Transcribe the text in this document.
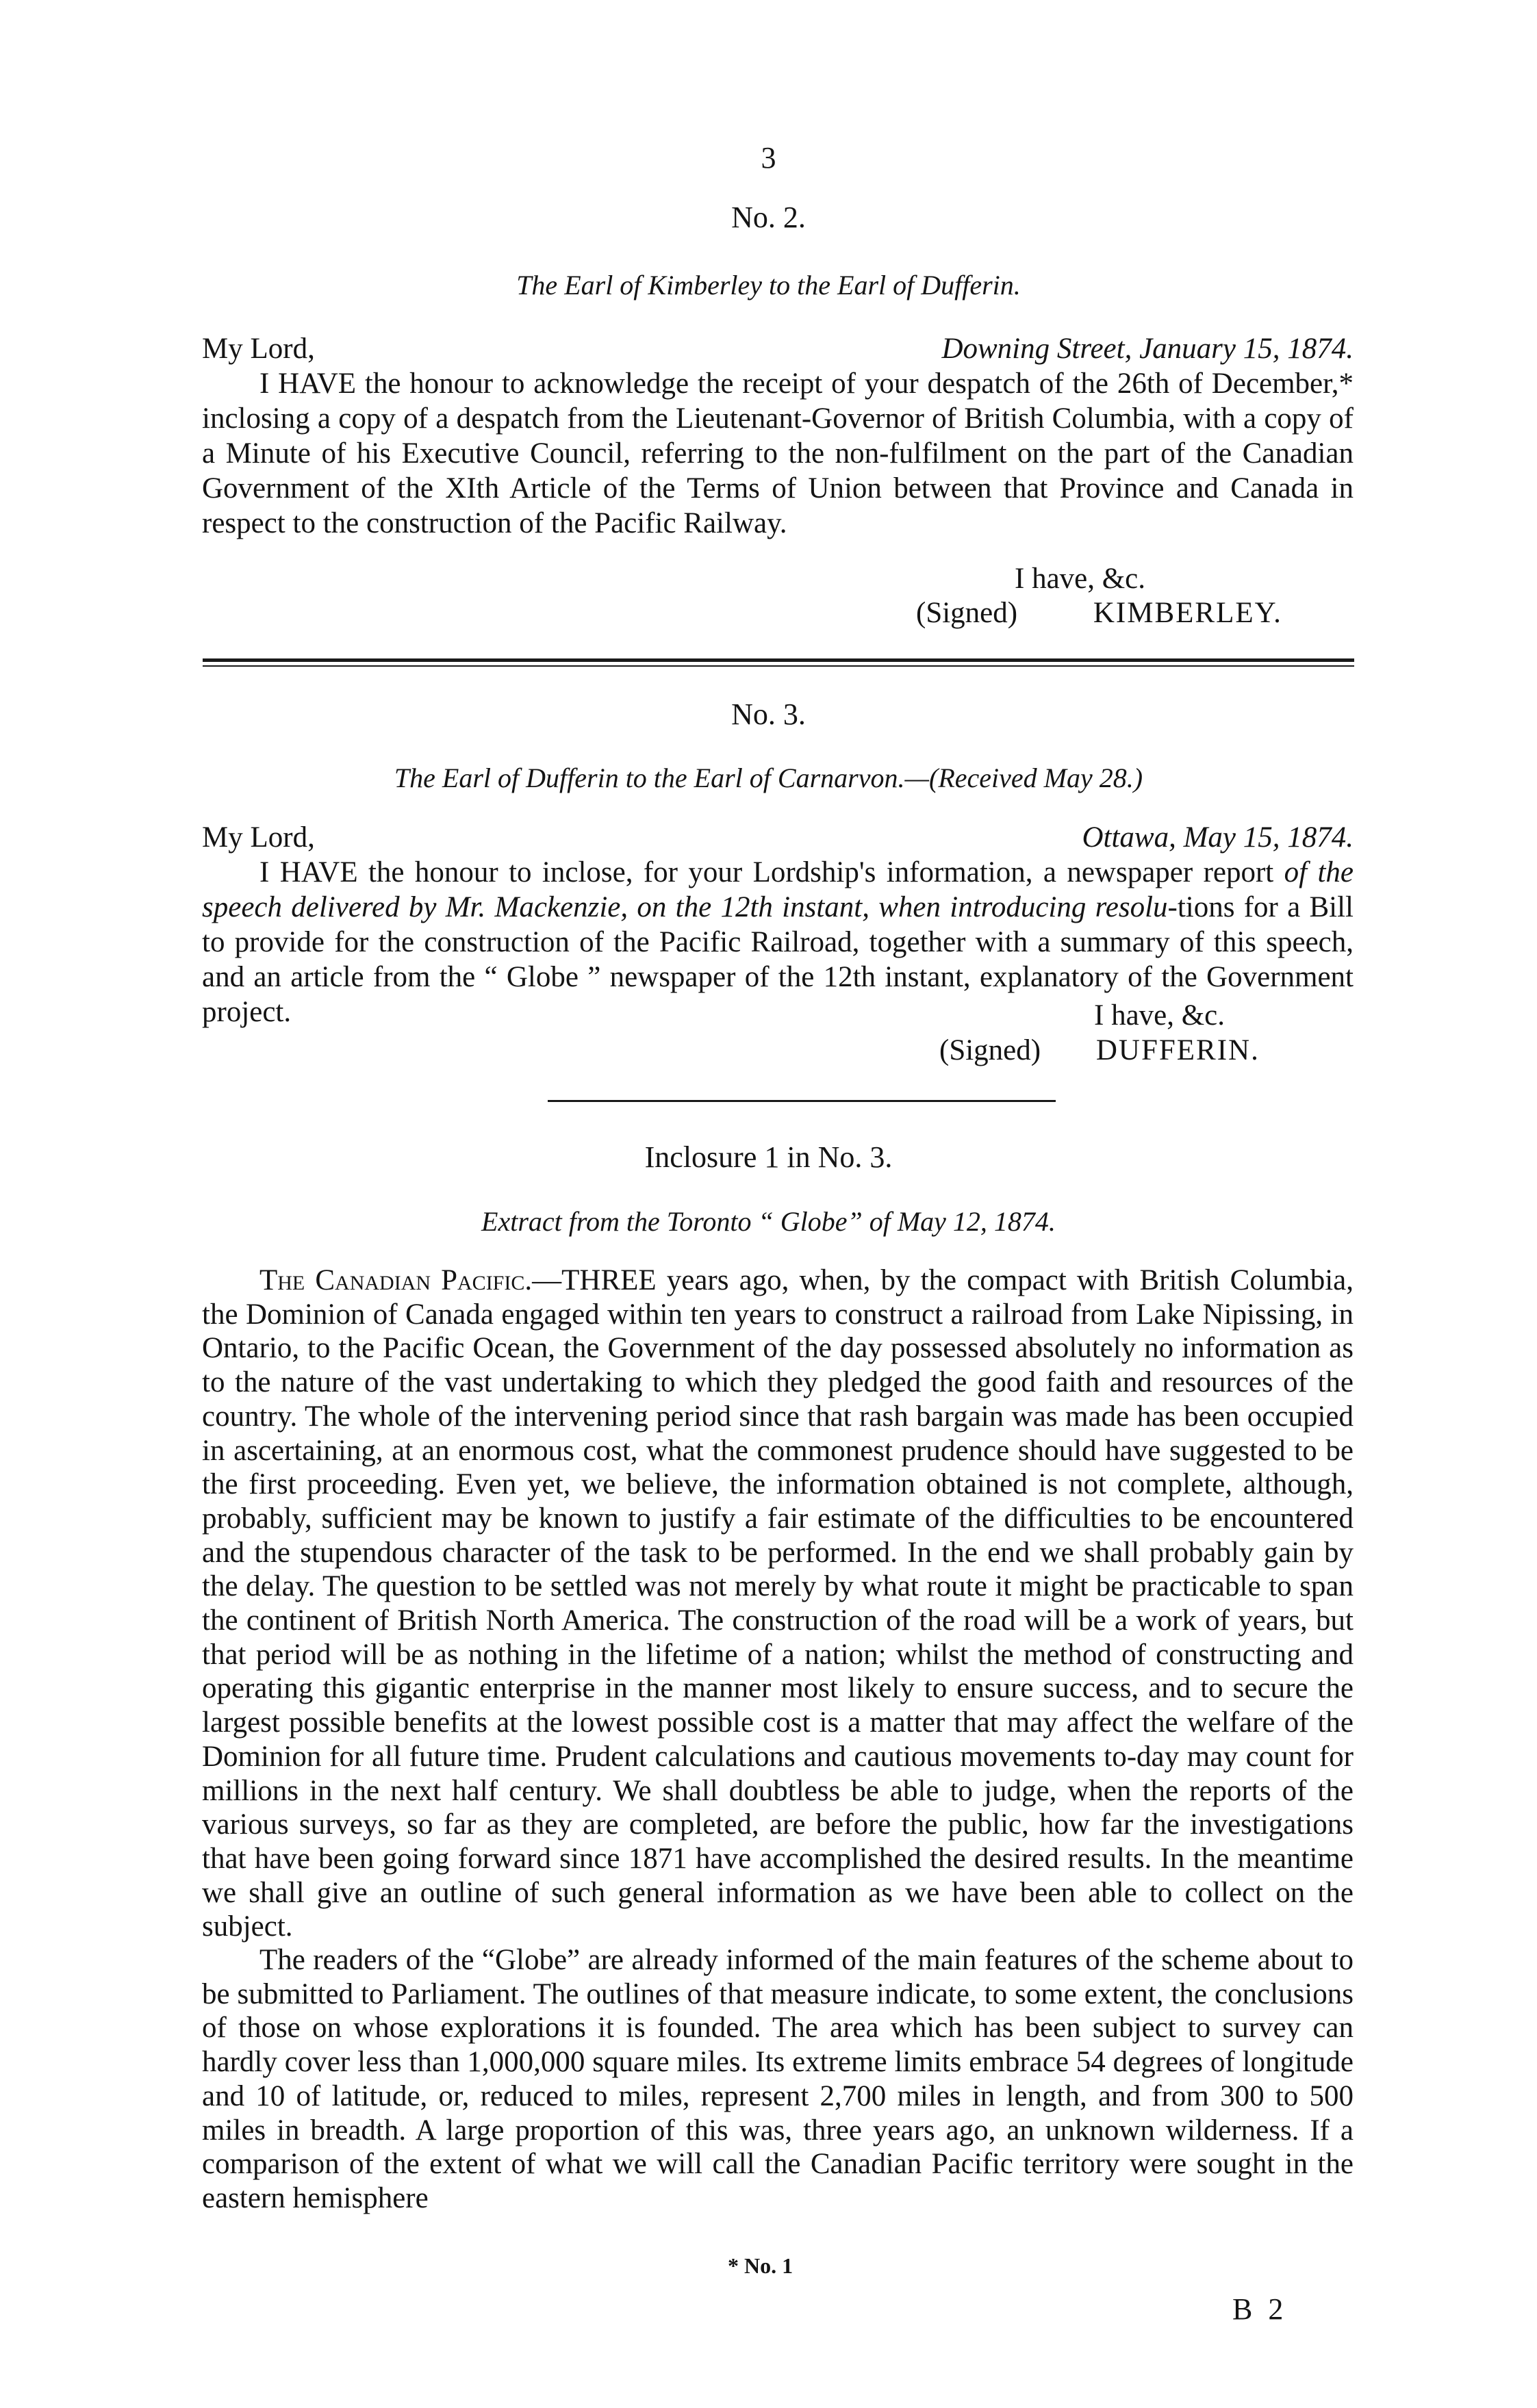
3
No. 2.
The Earl of Kimberley to the Earl of Dufferin.
My Lord,	Downing Street, January 15, 1874.

I HAVE the honour to acknowledge the receipt of your despatch of the 26th of December,* inclosing a copy of a despatch from the Lieutenant-Governor of British Columbia, with a copy of a Minute of his Executive Council, referring to the non-fulfilment on the part of the Canadian Government of the XIth Article of the Terms of Union between that Province and Canada in respect to the construction of the Pacific Railway.

I have, &c.
(Signed)	KIMBERLEY.
No. 3.
The Earl of Dufferin to the Earl of Carnarvon.—(Received May 28.)
My Lord,	Ottawa, May 15, 1874.

I HAVE the honour to inclose, for your Lordship's information, a newspaper report of the speech delivered by Mr. Mackenzie, on the 12th instant, when introducing resolu-tions for a Bill to provide for the construction of the Pacific Railroad, together with a summary of this speech, and an article from the “ Globe ” newspaper of the 12th instant, explanatory of the Government project.	I have, &c.
(Signed) DUFFERIN.
Inclosure 1 in No. 3.
Extract from the Toronto “ Globe” of May 12, 1874.

The Canadian Pacific.—THREE years ago, when, by the compact with British Columbia, the Dominion of Canada engaged within ten years to construct a railroad from Lake Nipissing, in Ontario, to the Pacific Ocean, the Government of the day possessed absolutely no information as to the nature of the vast undertaking to which they pledged the good faith and resources of the country. The whole of the intervening period since that rash bargain was made has been occupied in ascertaining, at an enormous cost, what the commonest prudence should have suggested to be the first proceeding. Even yet, we believe, the information obtained is not complete, although, probably, sufficient may be known to justify a fair estimate of the difficulties to be encountered and the stupendous character of the task to be performed. In the end we shall probably gain by the delay. The question to be settled was not merely by what route it might be practicable to span the continent of British North America. The construction of the road will be a work of years, but that period will be as nothing in the lifetime of a nation; whilst the method of constructing and operating this gigantic enterprise in the manner most likely to ensure success, and to secure the largest possible benefits at the lowest possible cost is a matter that may affect the welfare of the Dominion for all future time. Prudent calculations and cautious movements to-day may count for millions in the next half century. We shall doubtless be able to judge, when the reports of the various surveys, so far as they are completed, are before the public, how far the investigations that have been going forward since 1871 have accomplished the desired results. In the meantime we shall give an outline of such general information as we have been able to collect on the subject.

The readers of the “Globe” are already informed of the main features of the scheme about to be submitted to Parliament. The outlines of that measure indicate, to some extent, the conclusions of those on whose explorations it is founded. The area which has been subject to survey can hardly cover less than 1,000,000 square miles. Its extreme limits embrace 54 degrees of longitude and 10 of latitude, or, reduced to miles, represent 2,700 miles in length, and from 300 to 500 miles in breadth. A large proportion of this was, three years ago, an unknown wilderness. If a comparison of the extent of what we will call the Canadian Pacific territory were sought in the eastern hemisphere

* No. 1
B 2
